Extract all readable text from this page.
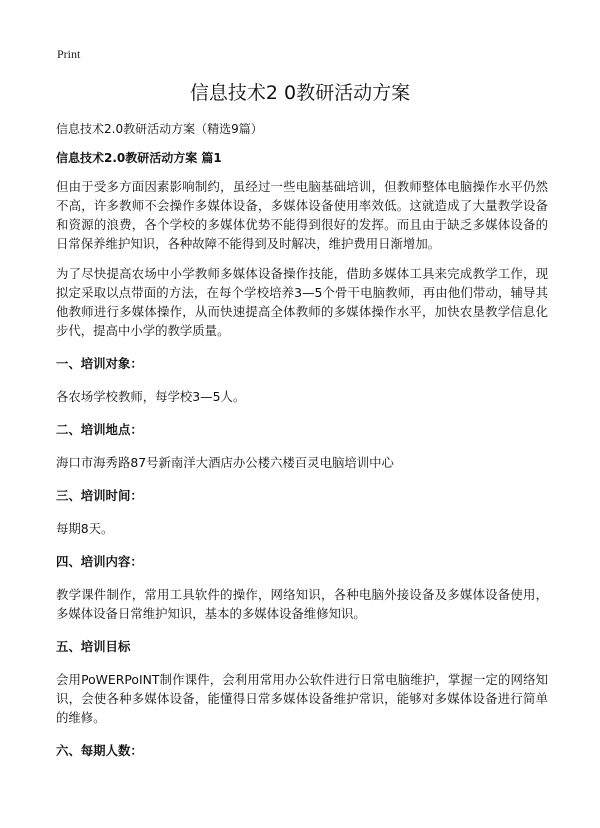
Print
信息技术2 0教研活动方案

信息技术2.0教研活动方案（精选9篇）

信息技术2.0教研活动方案 篇1

但由于受多方面因素影响制约，虽经过一些电脑基础培训，但教师整体电脑操作水平仍然不高，许多教师不会操作多媒体设备，多媒体设备使用率效低。这就造成了大量教学设备和资源的浪费，各个学校的多媒体优势不能得到很好的发挥。而且由于缺乏多媒体设备的日常保养维护知识，各种故障不能得到及时解决，维护费用日渐增加。

为了尽快提高农场中小学教师多媒体设备操作技能，借助多媒体工具来完成教学工作，现拟定采取以点带面的方法，在每个学校培养3—5个骨干电脑教师，再由他们带动，辅导其他教师进行多媒体操作，从而快速提高全体教师的多媒体操作水平，加快农垦教学信息化步代，提高中小学的教学质量。

一、培训对象：

各农场学校教师，每学校3—5人。

二、培训地点：

海口市海秀路87号新南洋大酒店办公楼六楼百灵电脑培训中心

三、培训时间：

每期8天。

四、培训内容：

教学课件制作，常用工具软件的操作，网络知识，各种电脑外接设备及多媒体设备使用，多媒体设备日常维护知识，基本的多媒体设备维修知识。

五、培训目标

会用PoWERPoINT制作课件，会利用常用办公软件进行日常电脑维护，掌握一定的网络知识，会使各种多媒体设备，能懂得日常多媒体设备维护常识，能够对多媒体设备进行简单的维修。

六、每期人数：
